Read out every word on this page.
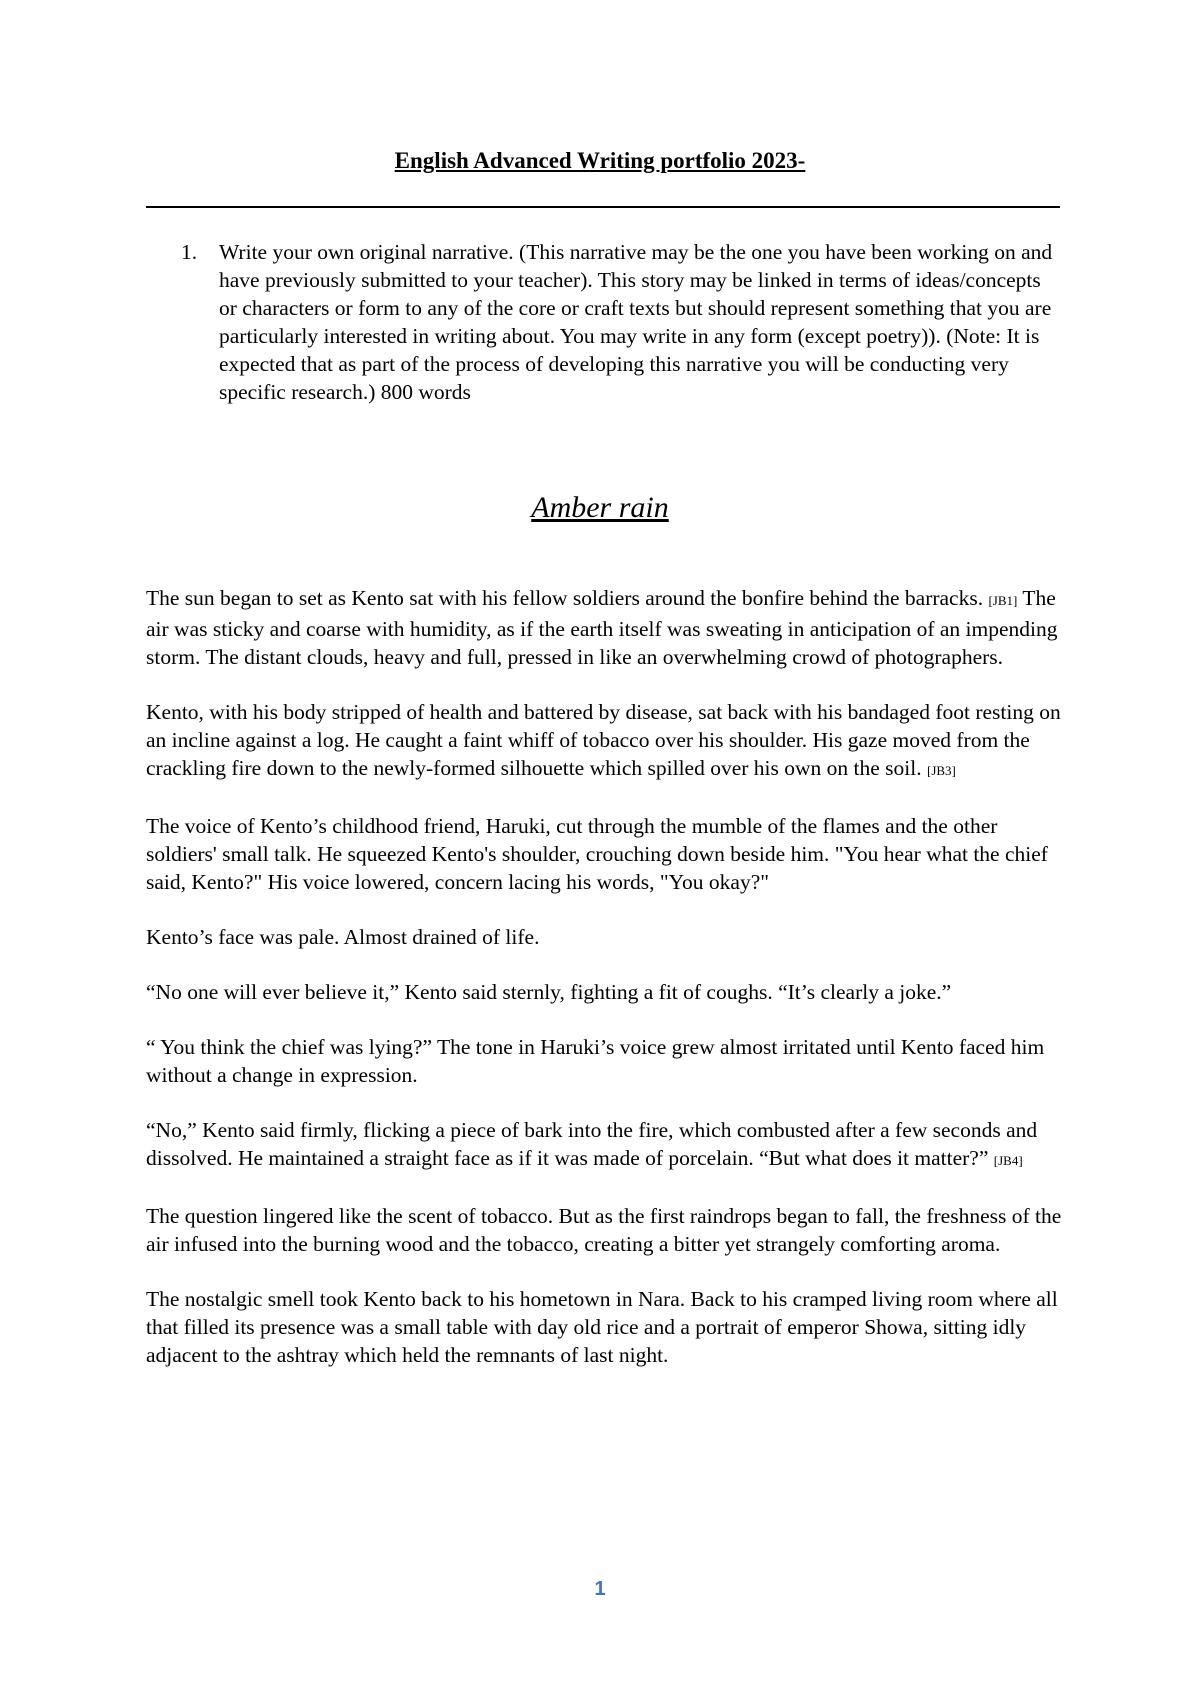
English Advanced Writing portfolio 2023-
1. Write your own original narrative. (This narrative may be the one you have been working on and have previously submitted to your teacher). This story may be linked in terms of ideas/concepts or characters or form to any of the core or craft texts but should represent something that you are particularly interested in writing about. You may write in any form (except poetry)). (Note: It is expected that as part of the process of developing this narrative you will be conducting very specific research.) 800 words
Amber rain

The sun began to set as Kento sat with his fellow soldiers around the bonfire behind the barracks. [JB1] The air was sticky and coarse with humidity, as if the earth itself was sweating in anticipation of an impending storm. The distant clouds, heavy and full, pressed in like an overwhelming crowd of photographers.

Kento, with his body stripped of health and battered by disease, sat back with his bandaged foot resting on an incline against a log. He caught a faint whiff of tobacco over his shoulder. His gaze moved from the crackling fire down to the newly-formed silhouette which spilled over his own on the soil. [JB3]

The voice of Kento’s childhood friend, Haruki, cut through the mumble of the flames and the other soldiers' small talk. He squeezed Kento's shoulder, crouching down beside him. "You hear what the chief said, Kento?" His voice lowered, concern lacing his words, "You okay?"

Kento’s face was pale. Almost drained of life.

“No one will ever believe it,” Kento said sternly, fighting a fit of coughs. “It’s clearly a joke.”

“ You think the chief was lying?” The tone in Haruki’s voice grew almost irritated until Kento faced him without a change in expression.

“No,” Kento said firmly, flicking a piece of bark into the fire, which combusted after a few seconds and dissolved. He maintained a straight face as if it was made of porcelain. “But what does it matter?” [JB4]

The question lingered like the scent of tobacco. But as the first raindrops began to fall, the freshness of the air infused into the burning wood and the tobacco, creating a bitter yet strangely comforting aroma.

The nostalgic smell took Kento back to his hometown in Nara. Back to his cramped living room where all that filled its presence was a small table with day old rice and a portrait of emperor Showa, sitting idly adjacent to the ashtray which held the remnants of last night.

1
